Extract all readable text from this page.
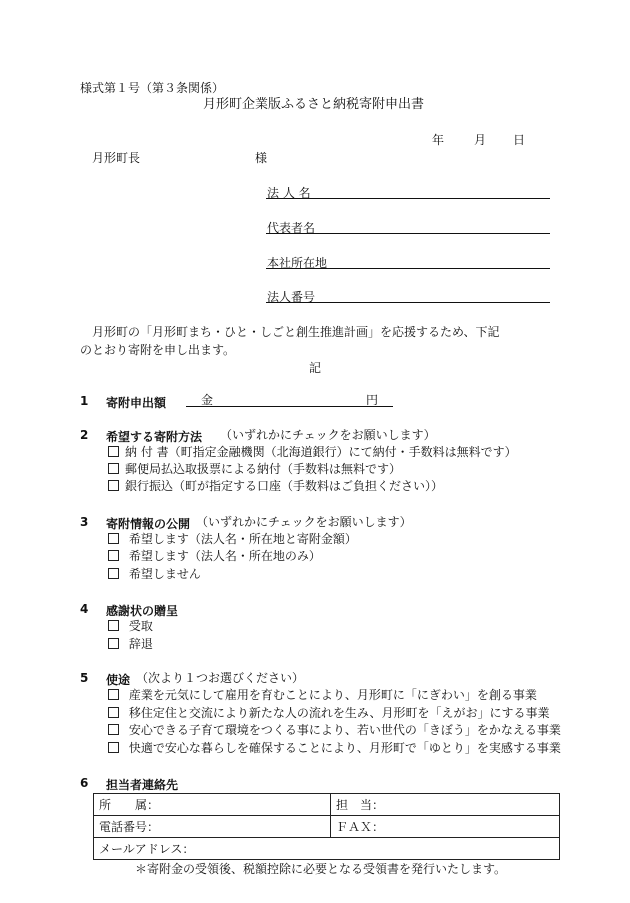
様式第１号（第３条関係）
月形町企業版ふるさと納税寄附申出書
年 月 日
月形町長	様
法 人 名
代表者名
本社所在地
法人番号
月形町の「月形町まち・ひと・しごと創生推進計画」を応援するため、下記
のとおり寄附を申し出ます。
記
1 寄附申出額	金	円
2 希望する寄附方法 （いずれかにチェックをお願いします）
納 付 書（町指定金融機関（北海道銀行）にて納付・手数料は無料です）
郵便局払込取扱票による納付（手数料は無料です）
銀行振込（町が指定する口座（手数料はご負担ください））
3 寄附情報の公開 （いずれかにチェックをお願いします）
希望します（法人名・所在地と寄附金額）
希望します（法人名・所在地のみ）
希望しません
4 感謝状の贈呈
受取
辞退
5 使途 （次より１つお選びください）
産業を元気にして雇用を育むことにより、月形町に「にぎわい」を創る事業
移住定住と交流により新たな人の流れを生み、月形町を「えがお」にする事業
安心できる子育て環境をつくる事により、若い世代の「きぼう」をかなえる事業
快適で安心な暮らしを確保することにより、月形町で「ゆとり」を実感する事業
6 担当者連絡先
所　　属：	担　当：
電話番号：	ＦＡＸ：
メールアドレス：	
＊寄附金の受領後、税額控除に必要となる受領書を発行いたします。
